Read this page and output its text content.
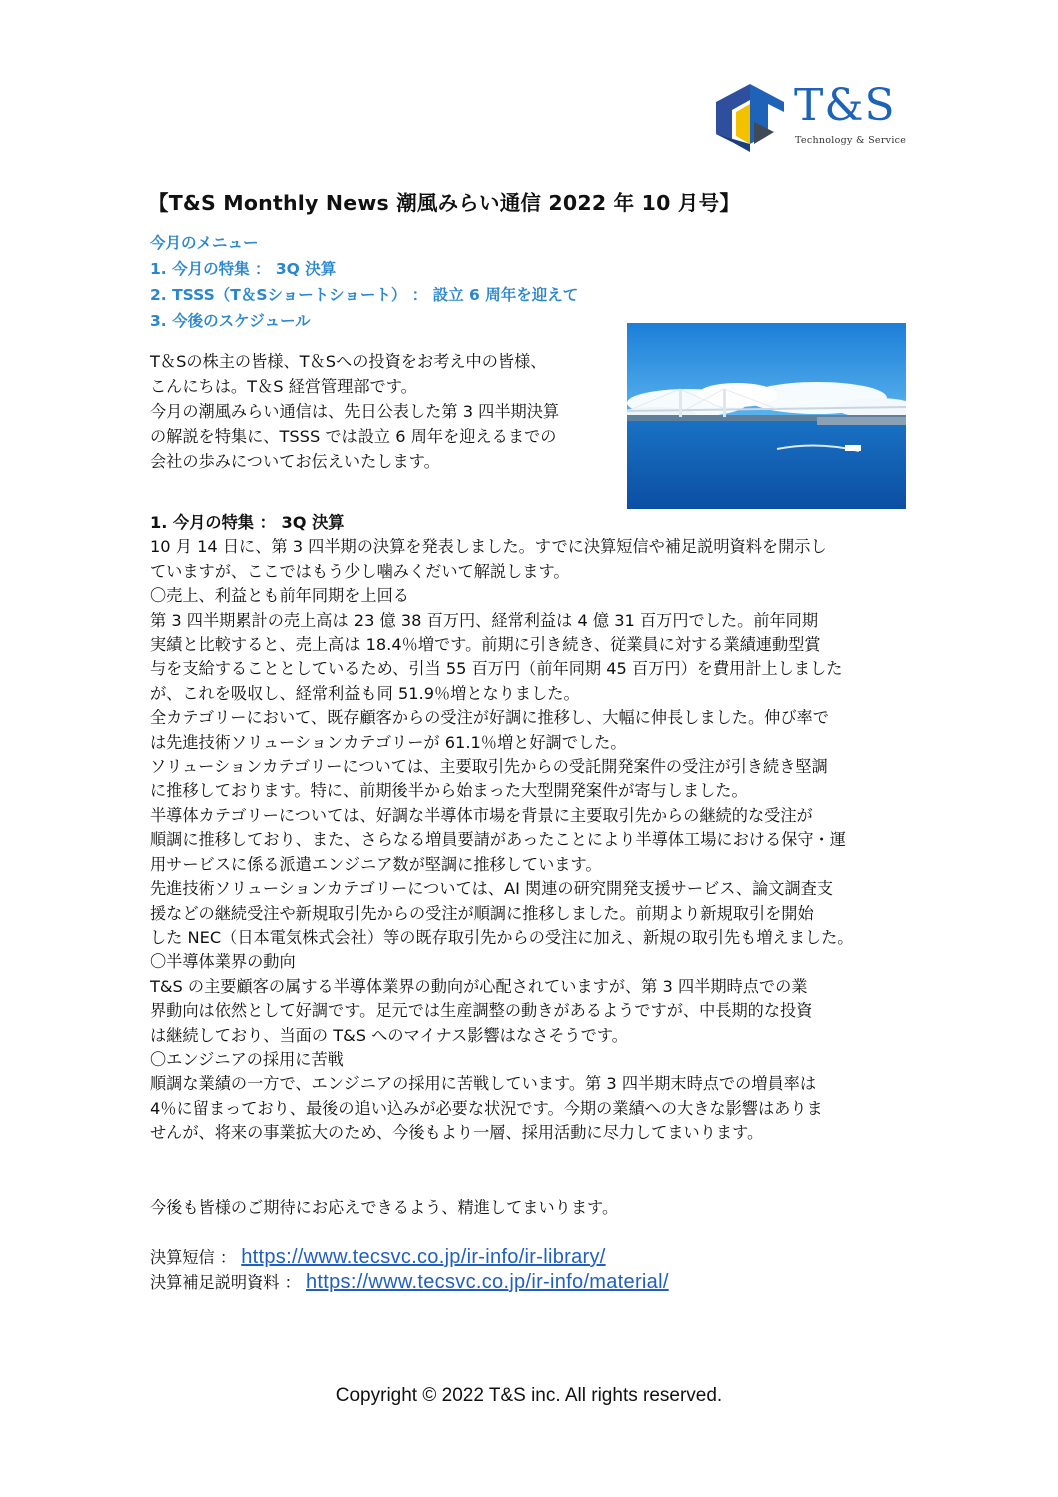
T&S
Technology & Service
【T&S Monthly News 潮風みらい通信 2022 年 10 月号】
今月のメニュー
1. 今月の特集 ： 3Q 決算
2. TSSS（T＆Sショートショート） ： 設立 6 周年を迎えて
3. 今後のスケジュール
T＆Sの株主の皆様、T＆Sへの投資をお考え中の皆様、
こんにちは。T＆S 経営管理部です。
今月の潮風みらい通信は、先日公表した第 3 四半期決算
の解説を特集に、TSSS では設立 6 周年を迎えるまでの
会社の歩みについてお伝えいたします。
1. 今月の特集 ： 3Q 決算
10 月 14 日に、第 3 四半期の決算を発表しました。すでに決算短信や補足説明資料を開示し
ていますが、ここではもう少し噛みくだいて解説します。
〇売上、利益とも前年同期を上回る
第 3 四半期累計の売上高は 23 億 38 百万円、経常利益は 4 億 31 百万円でした。前年同期
実績と比較すると、売上高は 18.4％増です。前期に引き続き、従業員に対する業績連動型賞
与を支給することとしているため、引当 55 百万円（前年同期 45 百万円）を費用計上しました
が、これを吸収し、経常利益も同 51.9％増となりました。
全カテゴリーにおいて、既存顧客からの受注が好調に推移し、大幅に伸長しました。伸び率で
は先進技術ソリューションカテゴリーが 61.1％増と好調でした。
ソリューションカテゴリーについては、主要取引先からの受託開発案件の受注が引き続き堅調
に推移しております。特に、前期後半から始まった大型開発案件が寄与しました。
半導体カテゴリーについては、好調な半導体市場を背景に主要取引先からの継続的な受注が
順調に推移しており、また、さらなる増員要請があったことにより半導体工場における保守・運
用サービスに係る派遣エンジニア数が堅調に推移しています。
先進技術ソリューションカテゴリーについては、AI 関連の研究開発支援サービス、論文調査支
援などの継続受注や新規取引先からの受注が順調に推移しました。前期より新規取引を開始
した NEC（日本電気株式会社）等の既存取引先からの受注に加え、新規の取引先も増えました。
〇半導体業界の動向
T&S の主要顧客の属する半導体業界の動向が心配されていますが、第 3 四半期時点での業
界動向は依然として好調です。足元では生産調整の動きがあるようですが、中長期的な投資
は継続しており、当面の T&S へのマイナス影響はなさそうです。
〇エンジニアの採用に苦戦
順調な業績の一方で、エンジニアの採用に苦戦しています。第 3 四半期末時点での増員率は
4％に留まっており、最後の追い込みが必要な状況です。今期の業績への大きな影響はありま
せんが、将来の事業拡大のため、今後もより一層、採用活動に尽力してまいります。
今後も皆様のご期待にお応えできるよう、精進してまいります。
決算短信 ： https://www.tecsvc.co.jp/ir-info/ir-library/
決算補足説明資料 ： https://www.tecsvc.co.jp/ir-info/material/
Copyright © 2022 T&S inc. All rights reserved.
